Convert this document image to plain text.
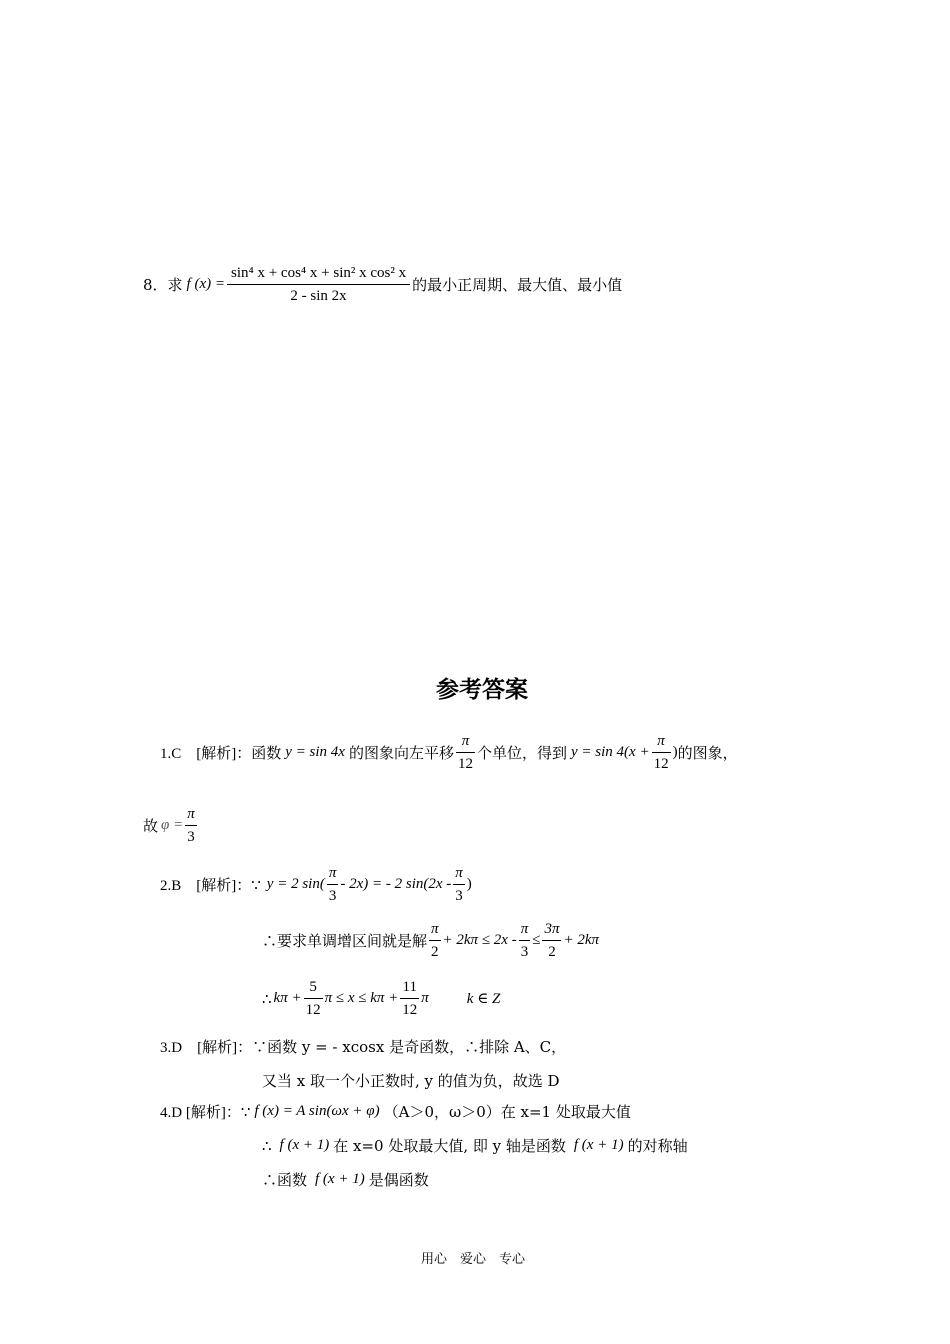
8．求 f $(x) = \frac{\text{sin⁴ x + cos⁴ x + sin² x cos² x}}{2 - \sin 2x}$ 的最小正周期、最大值、最小值
参考答案
1.C　[解析]： 函数 y = sin 4x 的图象向左平移 $\frac{\pi}{12}$ 个单位，得到 $y = \sin 4(x + \frac{\pi}{12}$ ) 的图象，
故 $\varphi = \frac{\pi}{3}$
2.B　[解析]： ∵ y = 2 $\sin( \frac{\pi}{3} - 2x)$ = - 2 $\sin(2x - \frac{\pi}{3}$ )
∴要求单调增区间就是解 $\frac{\pi}{2} + 2k\pi \le 2x - \frac{\pi}{3} \le \frac{3\pi}{2} + 2k\pi$
∴ $k\pi + \frac{5}{12}$ $\pi \le x \le k\pi + \frac{11}{12}$ π	k ∈ Z
3.D　[解析]： ∵函数 y = - xcosx 是奇函数，∴排除 A、C，
又当 x 取一个小正数时, y 的值为负，故选 D
4.D [解析]： ∵ f (x) = A sin(ωx + φ) （A＞0，ω＞0）在 x=1 处取最大值
∴ f (x + 1) 在 x=0 处取最大值, 即 y 轴是函数 f (x + 1) 的对称轴
∴函数 f (x + 1) 是偶函数
用心　爱心　专心
